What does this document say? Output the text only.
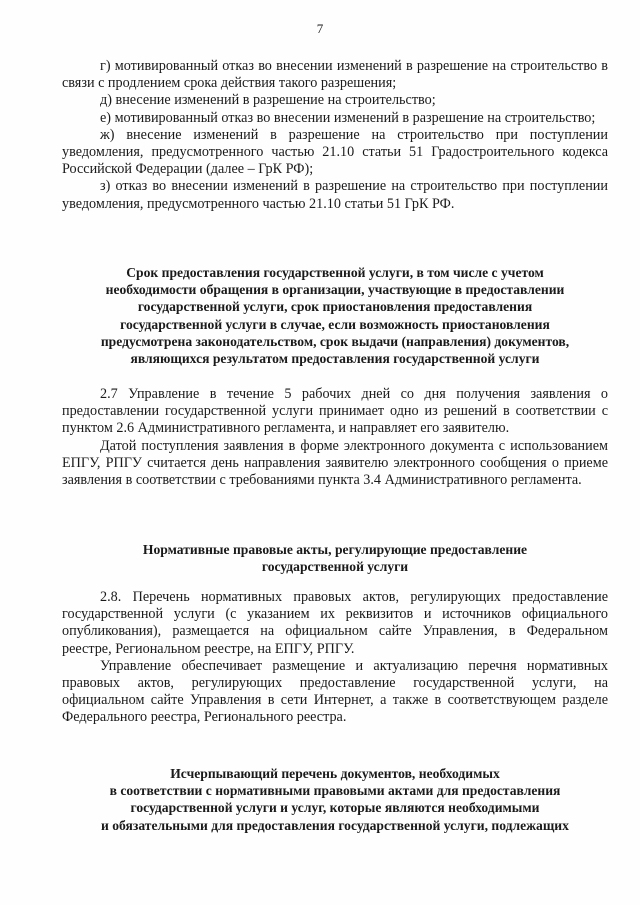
7

г) мотивированный отказ во внесении изменений в разрешение на строительство в связи с продлением срока действия такого разрешения;

д) внесение изменений в разрешение на строительство;

е) мотивированный отказ во внесении изменений в разрешение на строительство;

ж) внесение изменений в разрешение на строительство при поступлении уведомления, предусмотренного частью 21.10 статьи 51 Градостроительного кодекса Российской Федерации (далее – ГрК РФ);

з) отказ во внесении изменений в разрешение на строительство при поступлении уведомления, предусмотренного частью 21.10 статьи 51 ГрК РФ.

Срок предоставления государственной услуги, в том числе с учетом
необходимости обращения в организации, участвующие в предоставлении
государственной услуги, срок приостановления предоставления
государственной услуги в случае, если возможность приостановления
предусмотрена законодательством, срок выдачи (направления) документов,
являющихся результатом предоставления государственной услуги

2.7 Управление в течение 5 рабочих дней со дня получения заявления о предоставлении государственной услуги принимает одно из решений в соответствии с пунктом 2.6 Административного регламента, и направляет его заявителю.

Датой поступления заявления в форме электронного документа с использованием ЕПГУ, РПГУ считается день направления заявителю электронного сообщения о приеме заявления в соответствии с требованиями пункта 3.4 Административного регламента.

Нормативные правовые акты, регулирующие предоставление
государственной услуги

2.8. Перечень нормативных правовых актов, регулирующих предоставление государственной услуги (с указанием их реквизитов и источников официального опубликования), размещается на официальном сайте Управления, в Федеральном реестре, Региональном реестре, на ЕПГУ, РПГУ.

Управление обеспечивает размещение и актуализацию перечня нормативных правовых актов, регулирующих предоставление государственной услуги, на официальном сайте Управления в сети Интернет, а также в соответствующем разделе Федерального реестра, Регионального реестра.

Исчерпывающий перечень документов, необходимых
в соответствии с нормативными правовыми актами для предоставления
государственной услуги и услуг, которые являются необходимыми
и обязательными для предоставления государственной услуги, подлежащих
